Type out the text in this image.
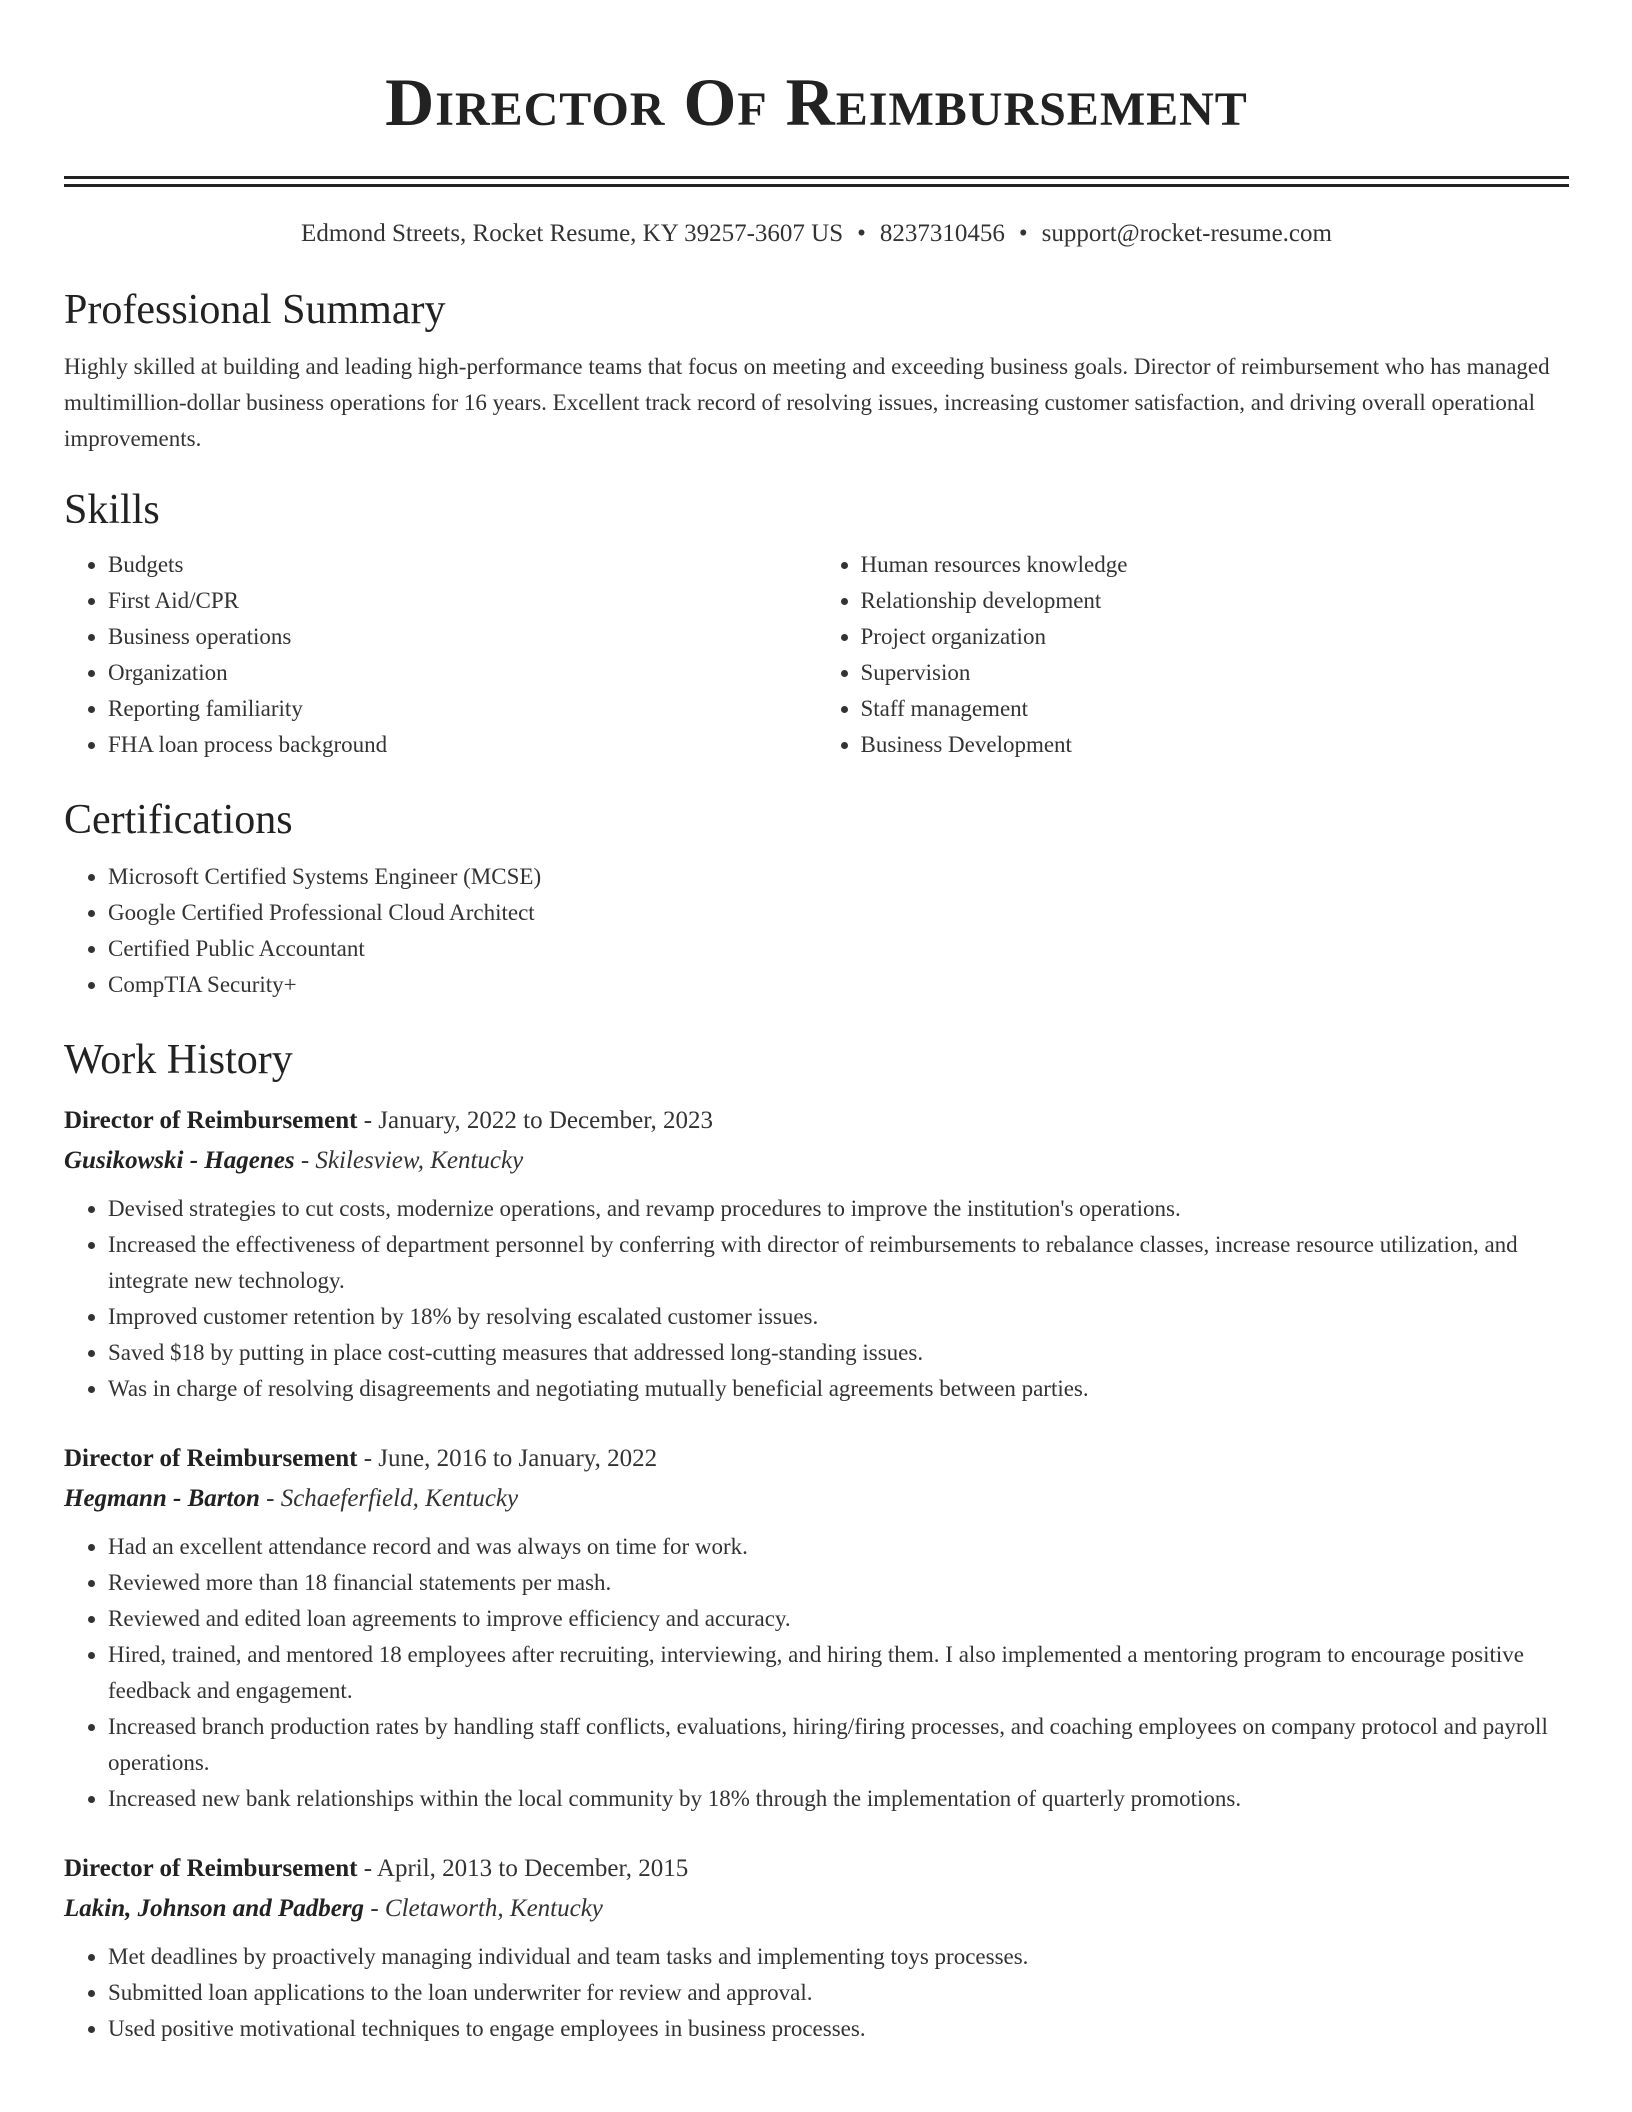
Director Of Reimbursement
Edmond Streets, Rocket Resume, KY 39257-3607 US • 8237310456 • support@rocket-resume.com
Professional Summary

Highly skilled at building and leading high-performance teams that focus on meeting and exceeding business goals. Director of reimbursement who has managed multimillion-dollar business operations for 16 years. Excellent track record of resolving issues, increasing customer satisfaction, and driving overall operational improvements.

Skills
• Budgets
• First Aid/CPR
• Business operations
• Organization
• Reporting familiarity
• FHA loan process background
• Human resources knowledge
• Relationship development
• Project organization
• Supervision
• Staff management
• Business Development
Certifications
• Microsoft Certified Systems Engineer (MCSE)
• Google Certified Professional Cloud Architect
• Certified Public Accountant
• CompTIA Security+
Work History
Director of Reimbursement - January, 2022 to December, 2023
Gusikowski - Hagenes - Skilesview, Kentucky
• Devised strategies to cut costs, modernize operations, and revamp procedures to improve the institution's operations.
• Increased the effectiveness of department personnel by conferring with director of reimbursements to rebalance classes, increase resource utilization, and integrate new technology.
• Improved customer retention by 18% by resolving escalated customer issues.
• Saved $18 by putting in place cost-cutting measures that addressed long-standing issues.
• Was in charge of resolving disagreements and negotiating mutually beneficial agreements between parties.
Director of Reimbursement - June, 2016 to January, 2022
Hegmann - Barton - Schaeferfield, Kentucky
• Had an excellent attendance record and was always on time for work.
• Reviewed more than 18 financial statements per mash.
• Reviewed and edited loan agreements to improve efficiency and accuracy.
• Hired, trained, and mentored 18 employees after recruiting, interviewing, and hiring them. I also implemented a mentoring program to encourage positive feedback and engagement.
• Increased branch production rates by handling staff conflicts, evaluations, hiring/firing processes, and coaching employees on company protocol and payroll operations.
• Increased new bank relationships within the local community by 18% through the implementation of quarterly promotions.
Director of Reimbursement - April, 2013 to December, 2015
Lakin, Johnson and Padberg - Cletaworth, Kentucky
• Met deadlines by proactively managing individual and team tasks and implementing toys processes.
• Submitted loan applications to the loan underwriter for review and approval.
• Used positive motivational techniques to engage employees in business processes.
